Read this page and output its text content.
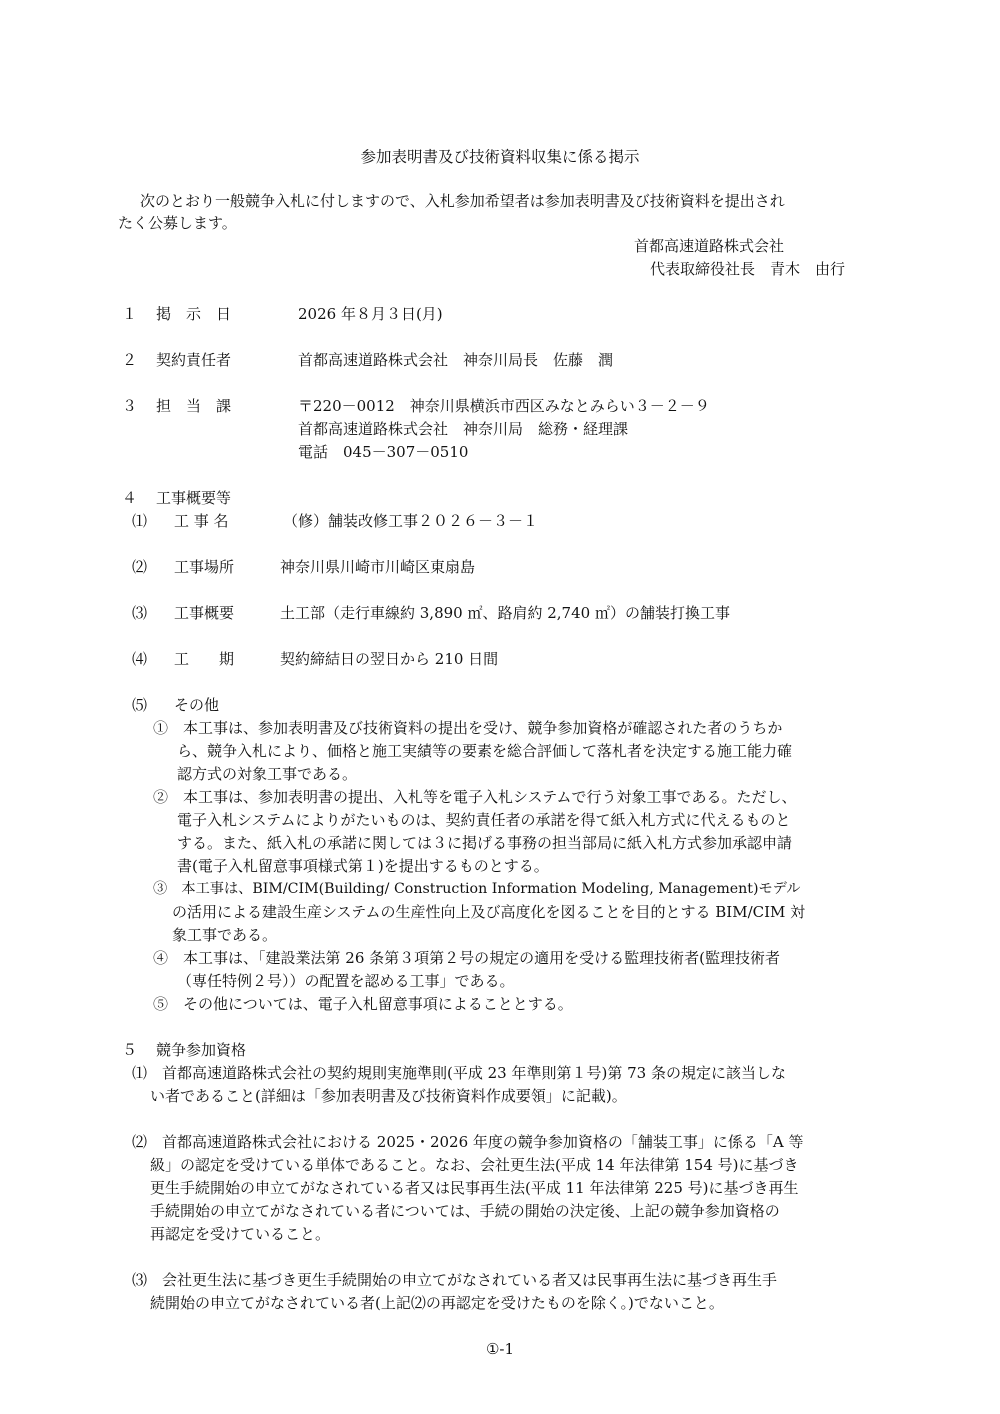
参加表明書及び技術資料収集に係る掲示
次のとおり一般競争入札に付しますので、入札参加希望者は参加表明書及び技術資料を提出され
たく公募します。
首都高速道路株式会社
代表取締役社長　青木　由行
１ 掲　示　日	2026 年８月３日(月)
２ 契約責任者	首都高速道路株式会社　神奈川局長　佐藤　潤
３ 担　当　課	〒220－0012　神奈川県横浜市西区みなとみらい３－２－９
首都高速道路株式会社　神奈川局　総務・経理課
電話　045－307－0510
４ 工事概要等
⑴ 工 事 名	（修）舗装改修工事２０２６－３－１
⑵ 工事場所	神奈川県川崎市川崎区東扇島
⑶ 工事概要	土工部（走行車線約 3,890 ㎡、路肩約 2,740 ㎡）の舗装打換工事
⑷ 工　　期	契約締結日の翌日から 210 日間
⑸ その他
①　本工事は、参加表明書及び技術資料の提出を受け、競争参加資格が確認された者のうちか
ら、競争入札により、価格と施工実績等の要素を総合評価して落札者を決定する施工能力確
認方式の対象工事である。
②　本工事は、参加表明書の提出、入札等を電子入札システムで行う対象工事である。ただし、
電子入札システムによりがたいものは、契約責任者の承諾を得て紙入札方式に代えるものと
する。また、紙入札の承諾に関しては３に掲げる事務の担当部局に紙入札方式参加承認申請
書(電子入札留意事項様式第１)を提出するものとする。
③　本工事は、BIM/CIM(Building/ Construction Information Modeling, Management)モデル
の活用による建設生産システムの生産性向上及び高度化を図ることを目的とする BIM/CIM 対
象工事である。
④　本工事は、「建設業法第 26 条第３項第２号の規定の適用を受ける監理技術者(監理技術者
（専任特例２号））の配置を認める工事」である。
⑤　その他については、電子入札留意事項によることとする。
５ 競争参加資格
⑴　首都高速道路株式会社の契約規則実施準則(平成 23 年準則第１号)第 73 条の規定に該当しな
い者であること(詳細は「参加表明書及び技術資料作成要領」に記載)。
⑵　首都高速道路株式会社における 2025・2026 年度の競争参加資格の「舗装工事」に係る「A 等
級」の認定を受けている単体であること。なお、会社更生法(平成 14 年法律第 154 号)に基づき
更生手続開始の申立てがなされている者又は民事再生法(平成 11 年法律第 225 号)に基づき再生
手続開始の申立てがなされている者については、手続の開始の決定後、上記の競争参加資格の
再認定を受けていること。
⑶　会社更生法に基づき更生手続開始の申立てがなされている者又は民事再生法に基づき再生手
続開始の申立てがなされている者(上記⑵の再認定を受けたものを除く。)でないこと。
①-1
